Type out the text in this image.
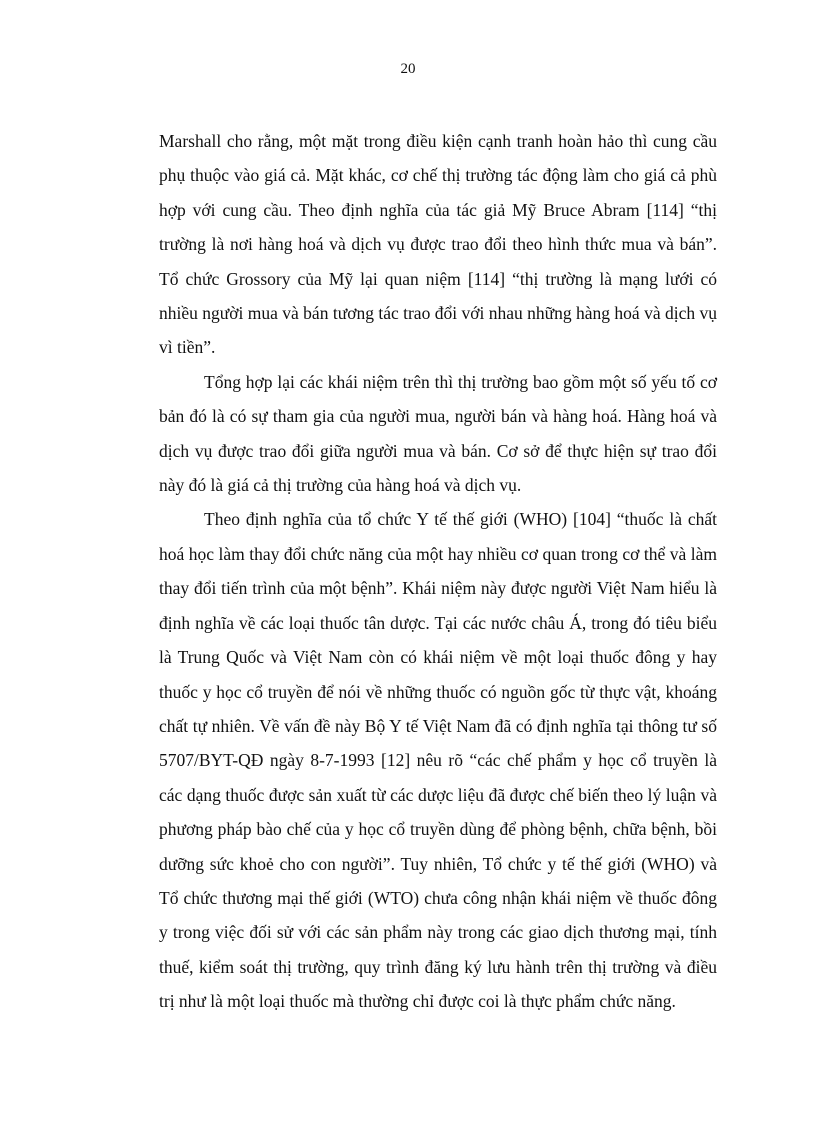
20

Marshall cho rằng, một mặt trong điều kiện cạnh tranh hoàn hảo thì cung cầu phụ thuộc vào giá cả. Mặt khác, cơ chế thị trường tác động làm cho giá cả phù hợp với cung cầu. Theo định nghĩa của tác giả Mỹ Bruce Abram [114] “thị trường là nơi hàng hoá và dịch vụ được trao đổi theo hình thức mua và bán”. Tổ chức Grossory của Mỹ lại quan niệm [114] “thị trường là mạng lưới có nhiều người mua và bán tương tác trao đổi với nhau những hàng hoá và dịch vụ vì tiền”.

Tổng hợp lại các khái niệm trên thì thị trường bao gồm một số yếu tố cơ bản đó là có sự tham gia của người mua, người bán và hàng hoá. Hàng hoá và dịch vụ được trao đổi giữa người mua và bán. Cơ sở để thực hiện sự trao đổi này đó là giá cả thị trường của hàng hoá và dịch vụ.

Theo định nghĩa của tổ chức Y tế thế giới (WHO) [104] “thuốc là chất hoá học làm thay đổi chức năng của một hay nhiều cơ quan trong cơ thể và làm thay đổi tiến trình của một bệnh”. Khái niệm này được người Việt Nam hiểu là định nghĩa về các loại thuốc tân dược. Tại các nước châu Á, trong đó tiêu biểu là Trung Quốc và Việt Nam còn có khái niệm về một loại thuốc đông y hay thuốc y học cổ truyền để nói về những thuốc có nguồn gốc từ thực vật, khoáng chất tự nhiên. Về vấn đề này Bộ Y tế Việt Nam đã có định nghĩa tại thông tư số 5707/BYT-QĐ ngày 8-7-1993 [12] nêu rõ “các chế phẩm y học cổ truyền là các dạng thuốc được sản xuất từ các dược liệu đã được chế biến theo lý luận và phương pháp bào chế của y học cổ truyền dùng để phòng bệnh, chữa bệnh, bồi dưỡng sức khoẻ cho con người”. Tuy nhiên, Tổ chức y tế thế giới (WHO) và Tổ chức thương mại thế giới (WTO) chưa công nhận khái niệm về thuốc đông y trong việc đối sử với các sản phẩm này trong các giao dịch thương mại, tính thuế, kiểm soát thị trường, quy trình đăng ký lưu hành trên thị trường và điều trị như là một loại thuốc mà thường chỉ được coi là thực phẩm chức năng.
